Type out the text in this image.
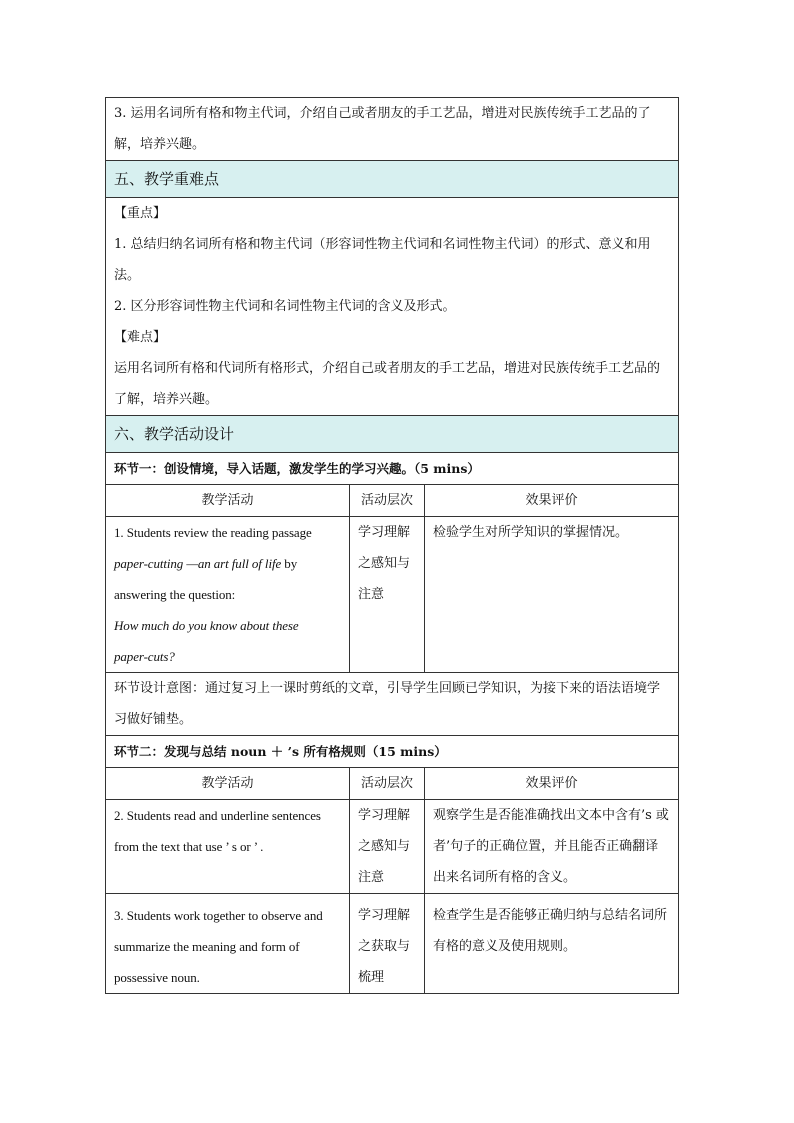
3. 运用名词所有格和物主代词，介绍自己或者朋友的手工艺品，增进对民族传统手工艺品的了解，培养兴趣。		
五、教学重难点		

【重点】
1. 总结归纳名词所有格和物主代词（形容词性物主代词和名词性物主代词）的形式、意义和用法。
2. 区分形容词性物主代词和名词性物主代词的含义及形式。
【难点】
运用名词所有格和代词所有格形式，介绍自己或者朋友的手工艺品，增进对民族传统手工艺品的了解，培养兴趣。		

六、教学活动设计		
环节一：创设情境，导入话题，激发学生的学习兴趣。（5 mins）		
教学活动	活动层次	效果评价

1. Students review the reading passage
paper-cutting —an art full of life by
answering the question:
How much do you know about these
paper-cuts?	学习理解之感知与注意	检验学生对所学知识的掌握情况。
环节设计意图：通过复习上一课时剪纸的文章，引导学生回顾已学知识，为接下来的语法语境学习做好铺垫。		
环节二：发现与总结 noun ＋ ’s 所有格规则（15 mins）		
教学活动	活动层次	效果评价
2. Students read and underline sentences from the text that use ’ s or ’ .	学习理解之感知与注意	观察学生是否能准确找出文本中含有’s 或者’句子的正确位置，并且能否正确翻译出来名词所有格的含义。
3. Students work together to observe and summarize the meaning and form of possessive noun.	学习理解之获取与梳理	检查学生是否能够正确归纳与总结名词所有格的意义及使用规则。
